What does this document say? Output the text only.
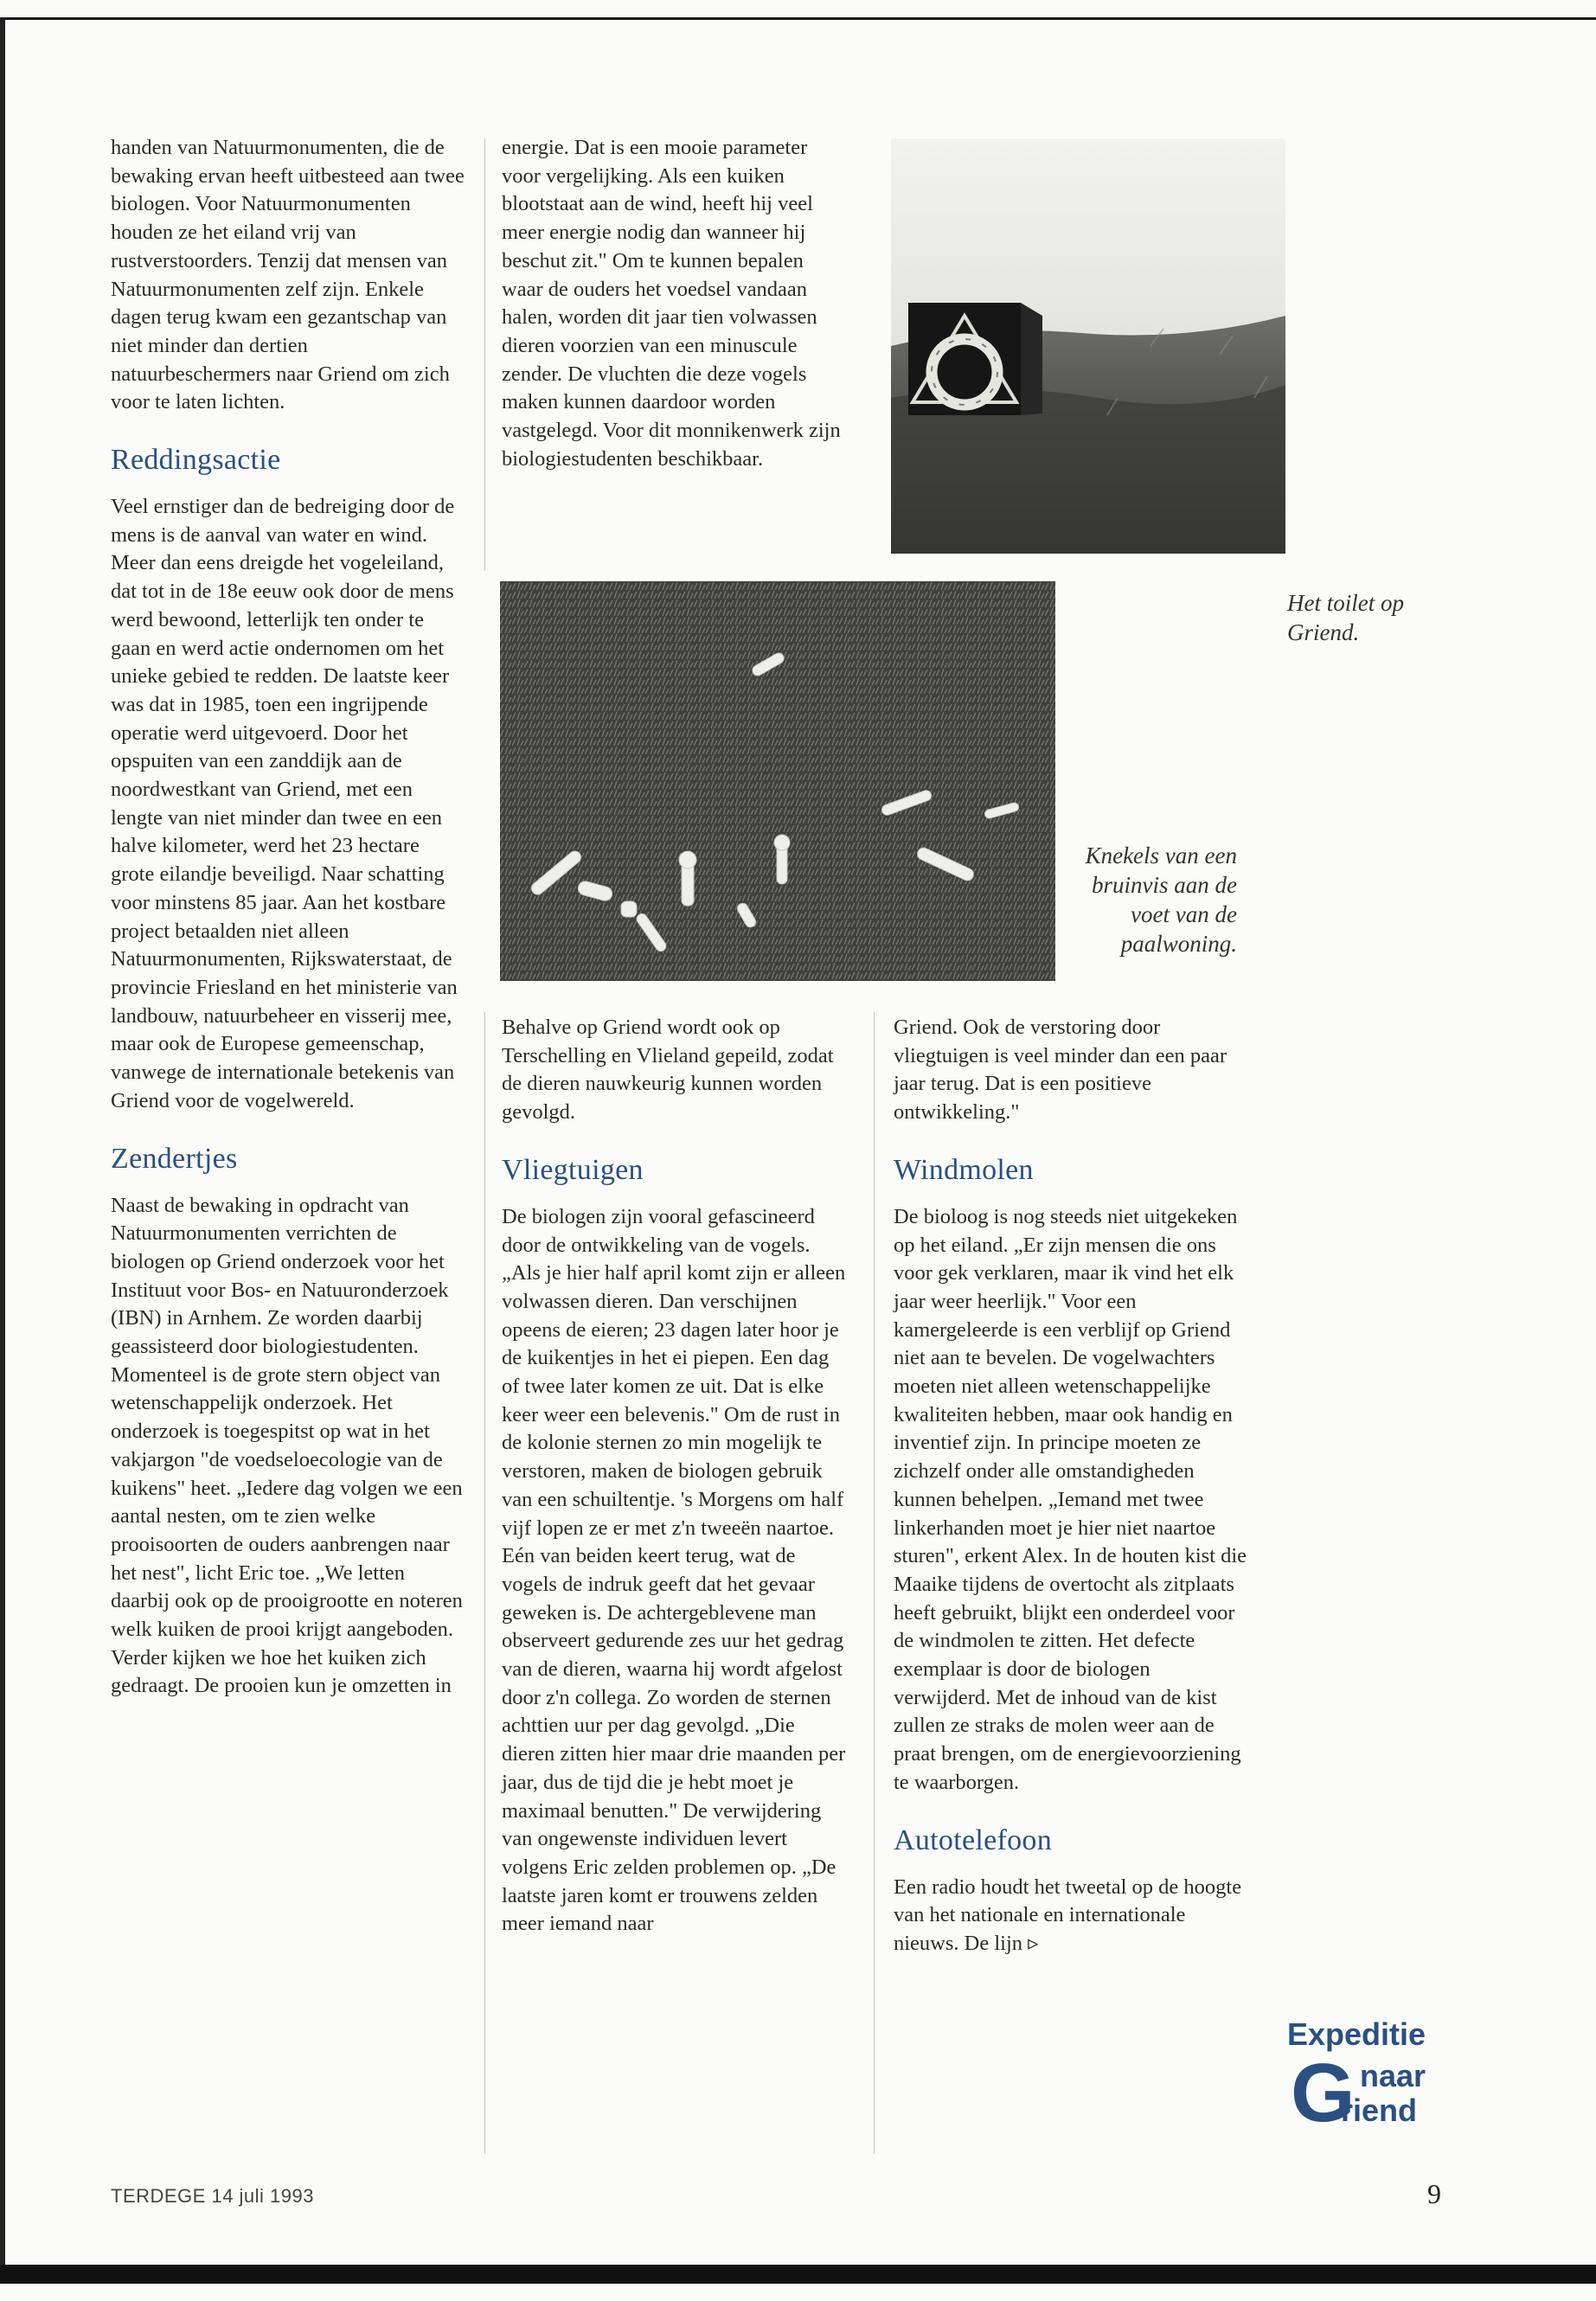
handen van Natuurmonumenten, die de bewaking ervan heeft uitbesteed aan twee biologen. Voor Natuurmonumenten houden ze het eiland vrij van rustverstoorders. Tenzij dat mensen van Natuurmonumenten zelf zijn. Enkele dagen terug kwam een gezantschap van niet minder dan dertien natuurbeschermers naar Griend om zich voor te laten lichten.

Reddingsactie

Veel ernstiger dan de bedreiging door de mens is de aanval van water en wind. Meer dan eens dreigde het vogeleiland, dat tot in de 18e eeuw ook door de mens werd bewoond, letterlijk ten onder te gaan en werd actie ondernomen om het unieke gebied te redden. De laatste keer was dat in 1985, toen een ingrijpende operatie werd uitgevoerd. Door het opspuiten van een zanddijk aan de noordwestkant van Griend, met een lengte van niet minder dan twee en een halve kilometer, werd het 23 hectare grote eilandje beveiligd. Naar schatting voor minstens 85 jaar. Aan het kostbare project betaalden niet alleen Natuurmonumenten, Rijkswaterstaat, de provincie Friesland en het ministerie van landbouw, natuurbeheer en visserij mee, maar ook de Europese gemeenschap, vanwege de internationale betekenis van Griend voor de vogelwereld.

Zendertjes

Naast de bewaking in opdracht van Natuurmonumenten verrichten de biologen op Griend onderzoek voor het Instituut voor Bos- en Natuuronderzoek (IBN) in Arnhem. Ze worden daarbij geassisteerd door biologiestudenten. Momenteel is de grote stern object van wetenschappelijk onderzoek. Het onderzoek is toegespitst op wat in het vakjargon "de voedseloecologie van de kuikens" heet. „Iedere dag volgen we een aantal nesten, om te zien welke prooisoorten de ouders aanbrengen naar het nest", licht Eric toe. „We letten daarbij ook op de prooigrootte en noteren welk kuiken de prooi krijgt aangeboden. Verder kijken we hoe het kuiken zich gedraagt. De prooien kun je omzetten in

energie. Dat is een mooie parameter voor vergelijking. Als een kuiken blootstaat aan de wind, heeft hij veel meer energie nodig dan wanneer hij beschut zit." Om te kunnen bepalen waar de ouders het voedsel vandaan halen, worden dit jaar tien volwassen dieren voorzien van een minuscule zender. De vluchten die deze vogels maken kunnen daardoor worden vastgelegd. Voor dit monnikenwerk zijn biologiestudenten beschikbaar.

Het toilet op Griend.
Knekels van een bruinvis aan de voet van de paalwoning.

Behalve op Griend wordt ook op Terschelling en Vlieland gepeild, zodat de dieren nauwkeurig kunnen worden gevolgd.

Vliegtuigen

De biologen zijn vooral gefascineerd door de ontwikkeling van de vogels. „Als je hier half april komt zijn er alleen volwassen dieren. Dan verschijnen opeens de eieren; 23 dagen later hoor je de kuikentjes in het ei piepen. Een dag of twee later komen ze uit. Dat is elke keer weer een belevenis." Om de rust in de kolonie sternen zo min mogelijk te verstoren, maken de biologen gebruik van een schuiltentje. 's Morgens om half vijf lopen ze er met z'n tweeën naartoe. Eén van beiden keert terug, wat de vogels de indruk geeft dat het gevaar geweken is. De achtergeblevene man observeert gedurende zes uur het gedrag van de dieren, waarna hij wordt afgelost door z'n collega. Zo worden de sternen achttien uur per dag gevolgd. „Die dieren zitten hier maar drie maanden per jaar, dus de tijd die je hebt moet je maximaal benutten." De verwijdering van ongewenste individuen levert volgens Eric zelden problemen op. „De laatste jaren komt er trouwens zelden meer iemand naar

Griend. Ook de verstoring door vliegtuigen is veel minder dan een paar jaar terug. Dat is een positieve ontwikkeling."

Windmolen

De bioloog is nog steeds niet uitgekeken op het eiland. „Er zijn mensen die ons voor gek verklaren, maar ik vind het elk jaar weer heerlijk." Voor een kamergeleerde is een verblijf op Griend niet aan te bevelen. De vogelwachters moeten niet alleen wetenschappelijke kwaliteiten hebben, maar ook handig en inventief zijn. In principe moeten ze zichzelf onder alle omstandigheden kunnen behelpen. „Iemand met twee linkerhanden moet je hier niet naartoe sturen", erkent Alex. In de houten kist die Maaike tijdens de overtocht als zitplaats heeft gebruikt, blijkt een onderdeel voor de windmolen te zitten. Het defecte exemplaar is door de biologen verwijderd. Met de inhoud van de kist zullen ze straks de molen weer aan de praat brengen, om de energievoorziening te waarborgen.

Autotelefoon

Een radio houdt het tweetal op de hoogte van het nationale en internationale nieuws. De lijn ▹

Expeditie
G naar
riend
TERDEGE 14 juli 1993	9
